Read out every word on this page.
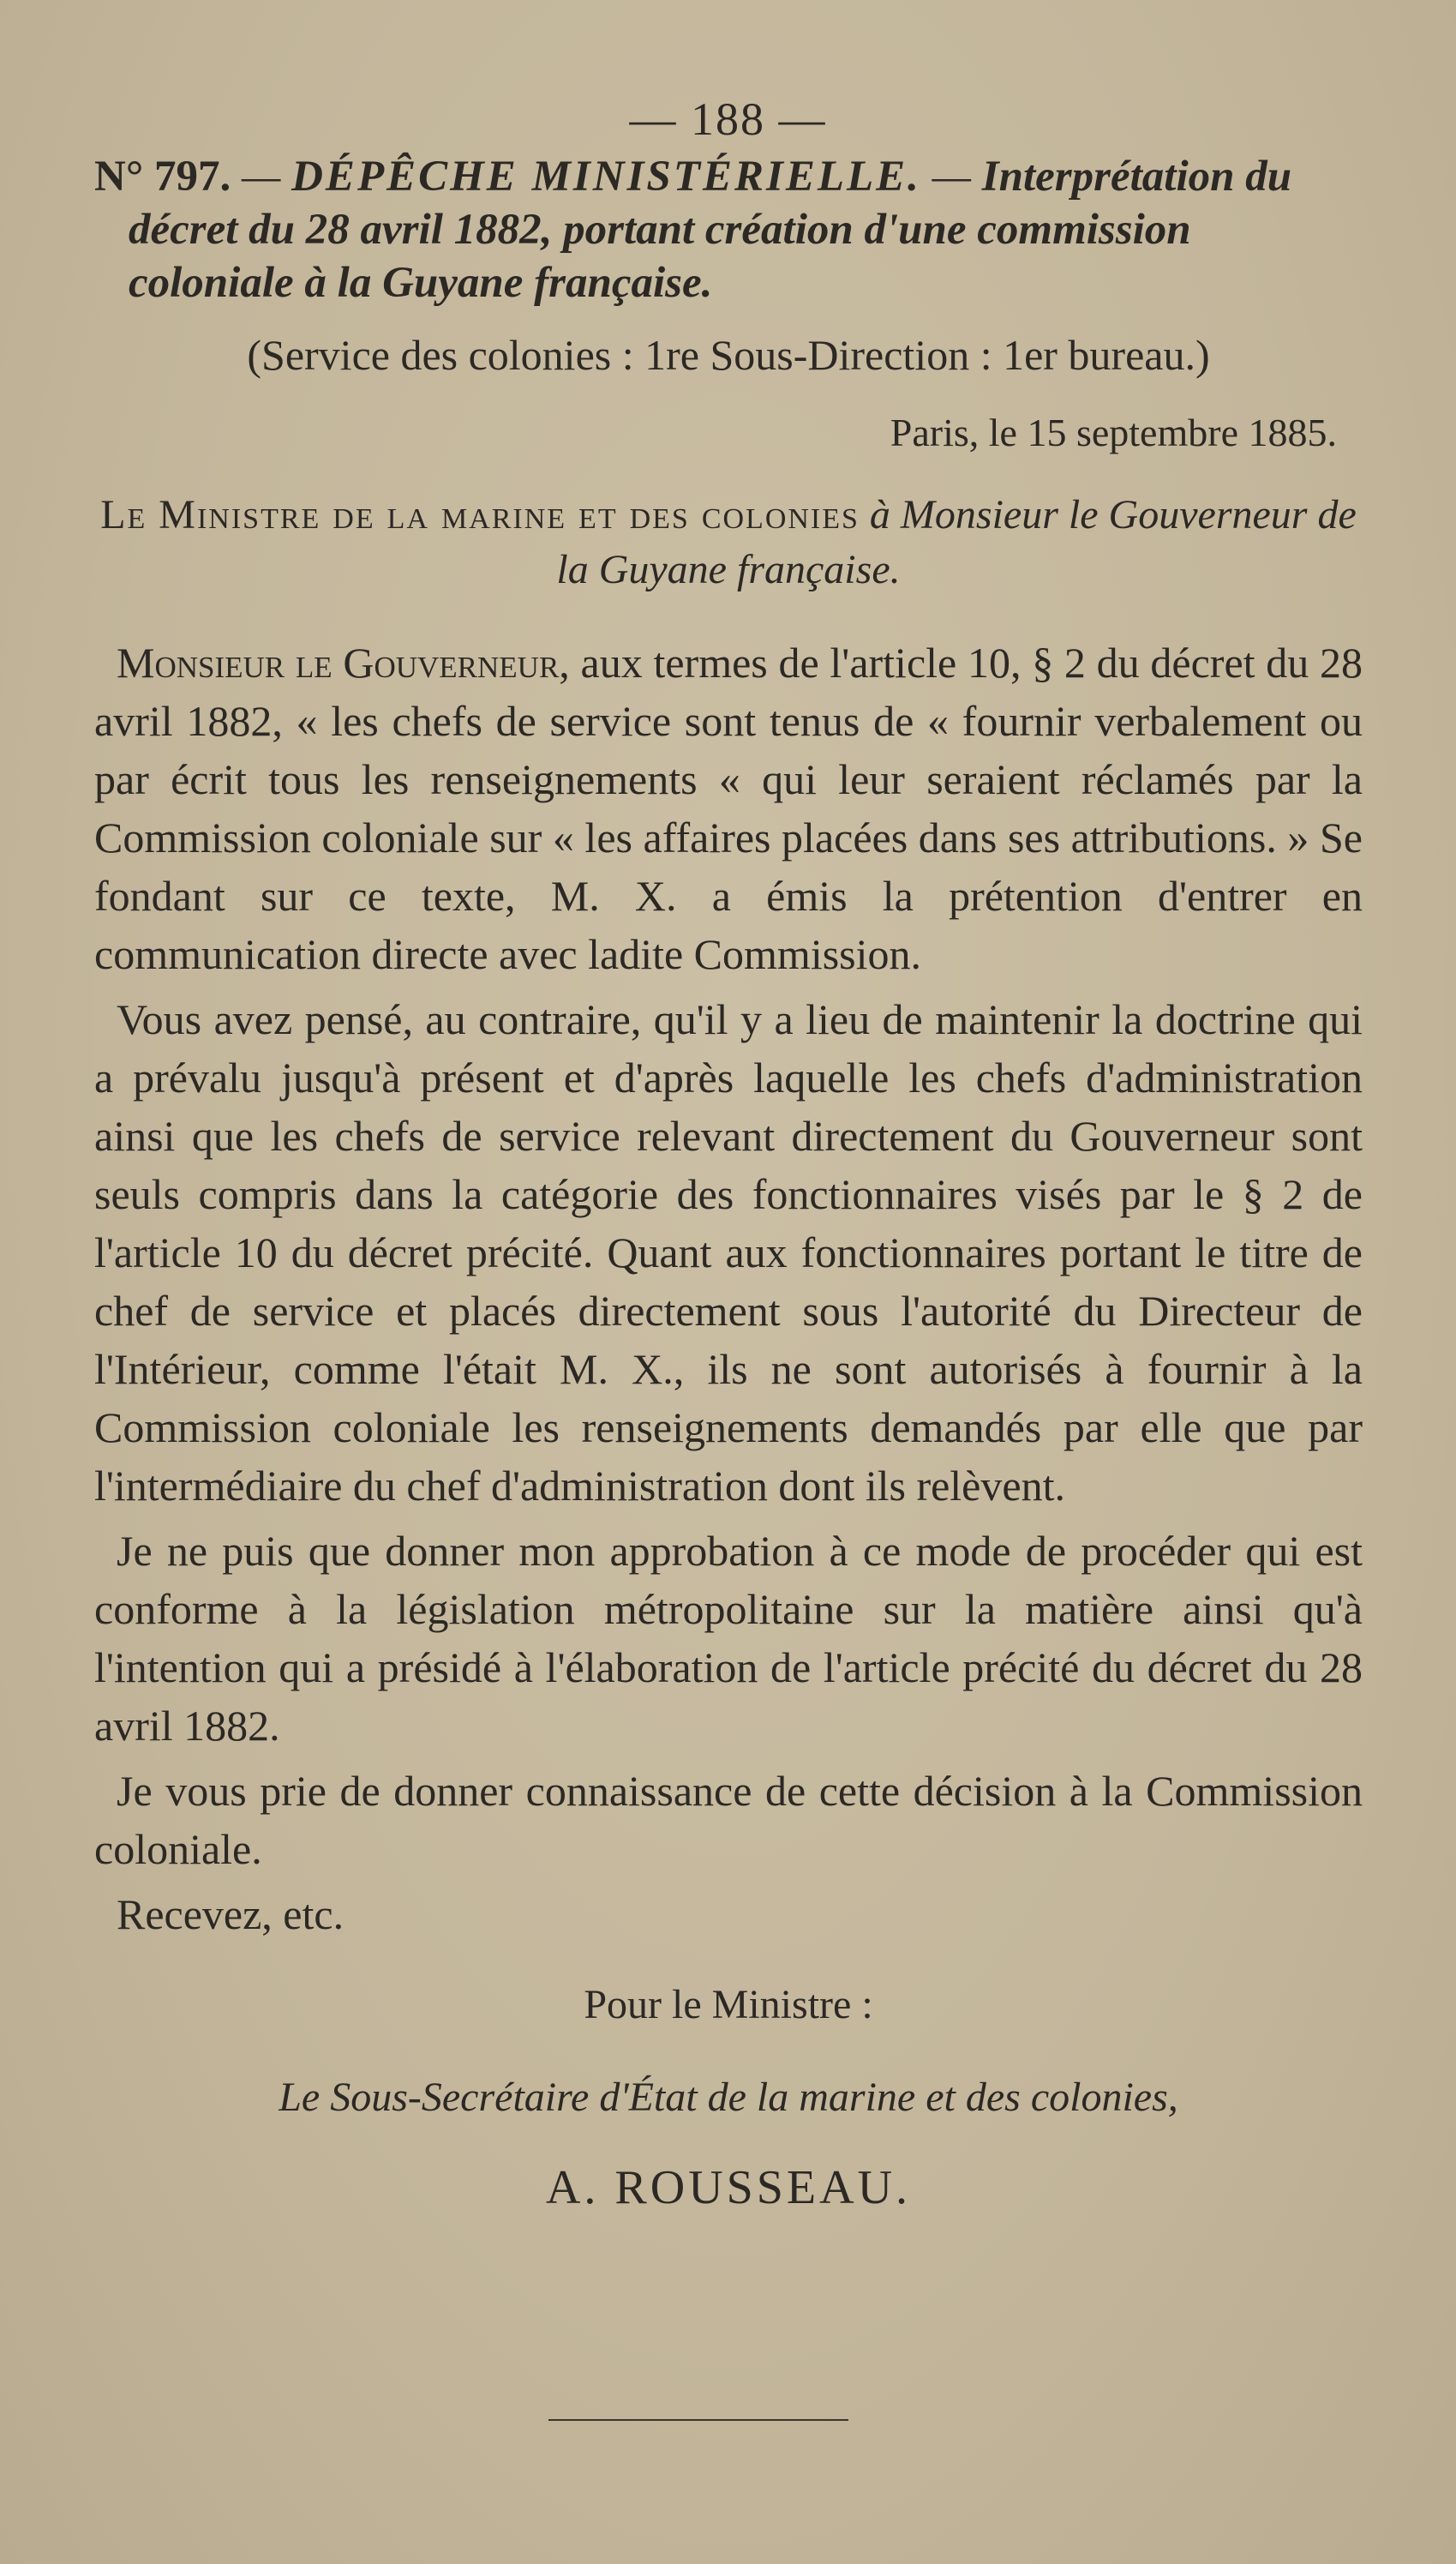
— 188 —

N° 797. — DÉPÊCHE MINISTÉRIELLE. — Interprétation du décret du 28 avril 1882, portant création d'une commission coloniale à la Guyane française.

(Service des colonies : 1re Sous-Direction : 1er bureau.)

Paris, le 15 septembre 1885.

Le Ministre de la marine et des colonies à Monsieur le Gouverneur de la Guyane française.

Monsieur le Gouverneur, aux termes de l'article 10, § 2 du décret du 28 avril 1882, « les chefs de service sont tenus de « fournir verbalement ou par écrit tous les renseignements « qui leur seraient réclamés par la Commission coloniale sur « les affaires placées dans ses attributions. » Se fondant sur ce texte, M. X. a émis la prétention d'entrer en communication directe avec ladite Commission.

Vous avez pensé, au contraire, qu'il y a lieu de maintenir la doctrine qui a prévalu jusqu'à présent et d'après laquelle les chefs d'administration ainsi que les chefs de service relevant directement du Gouverneur sont seuls compris dans la catégorie des fonctionnaires visés par le § 2 de l'article 10 du décret précité. Quant aux fonctionnaires portant le titre de chef de service et placés directement sous l'autorité du Directeur de l'Intérieur, comme l'était M. X., ils ne sont autorisés à fournir à la Commission coloniale les renseignements demandés par elle que par l'intermédiaire du chef d'administration dont ils relèvent.

Je ne puis que donner mon approbation à ce mode de procéder qui est conforme à la législation métropolitaine sur la matière ainsi qu'à l'intention qui a présidé à l'élaboration de l'article précité du décret du 28 avril 1882.

Je vous prie de donner connaissance de cette décision à la Commission coloniale.

Recevez, etc.

Pour le Ministre :

Le Sous-Secrétaire d'État de la marine et des colonies,

A. ROUSSEAU.
